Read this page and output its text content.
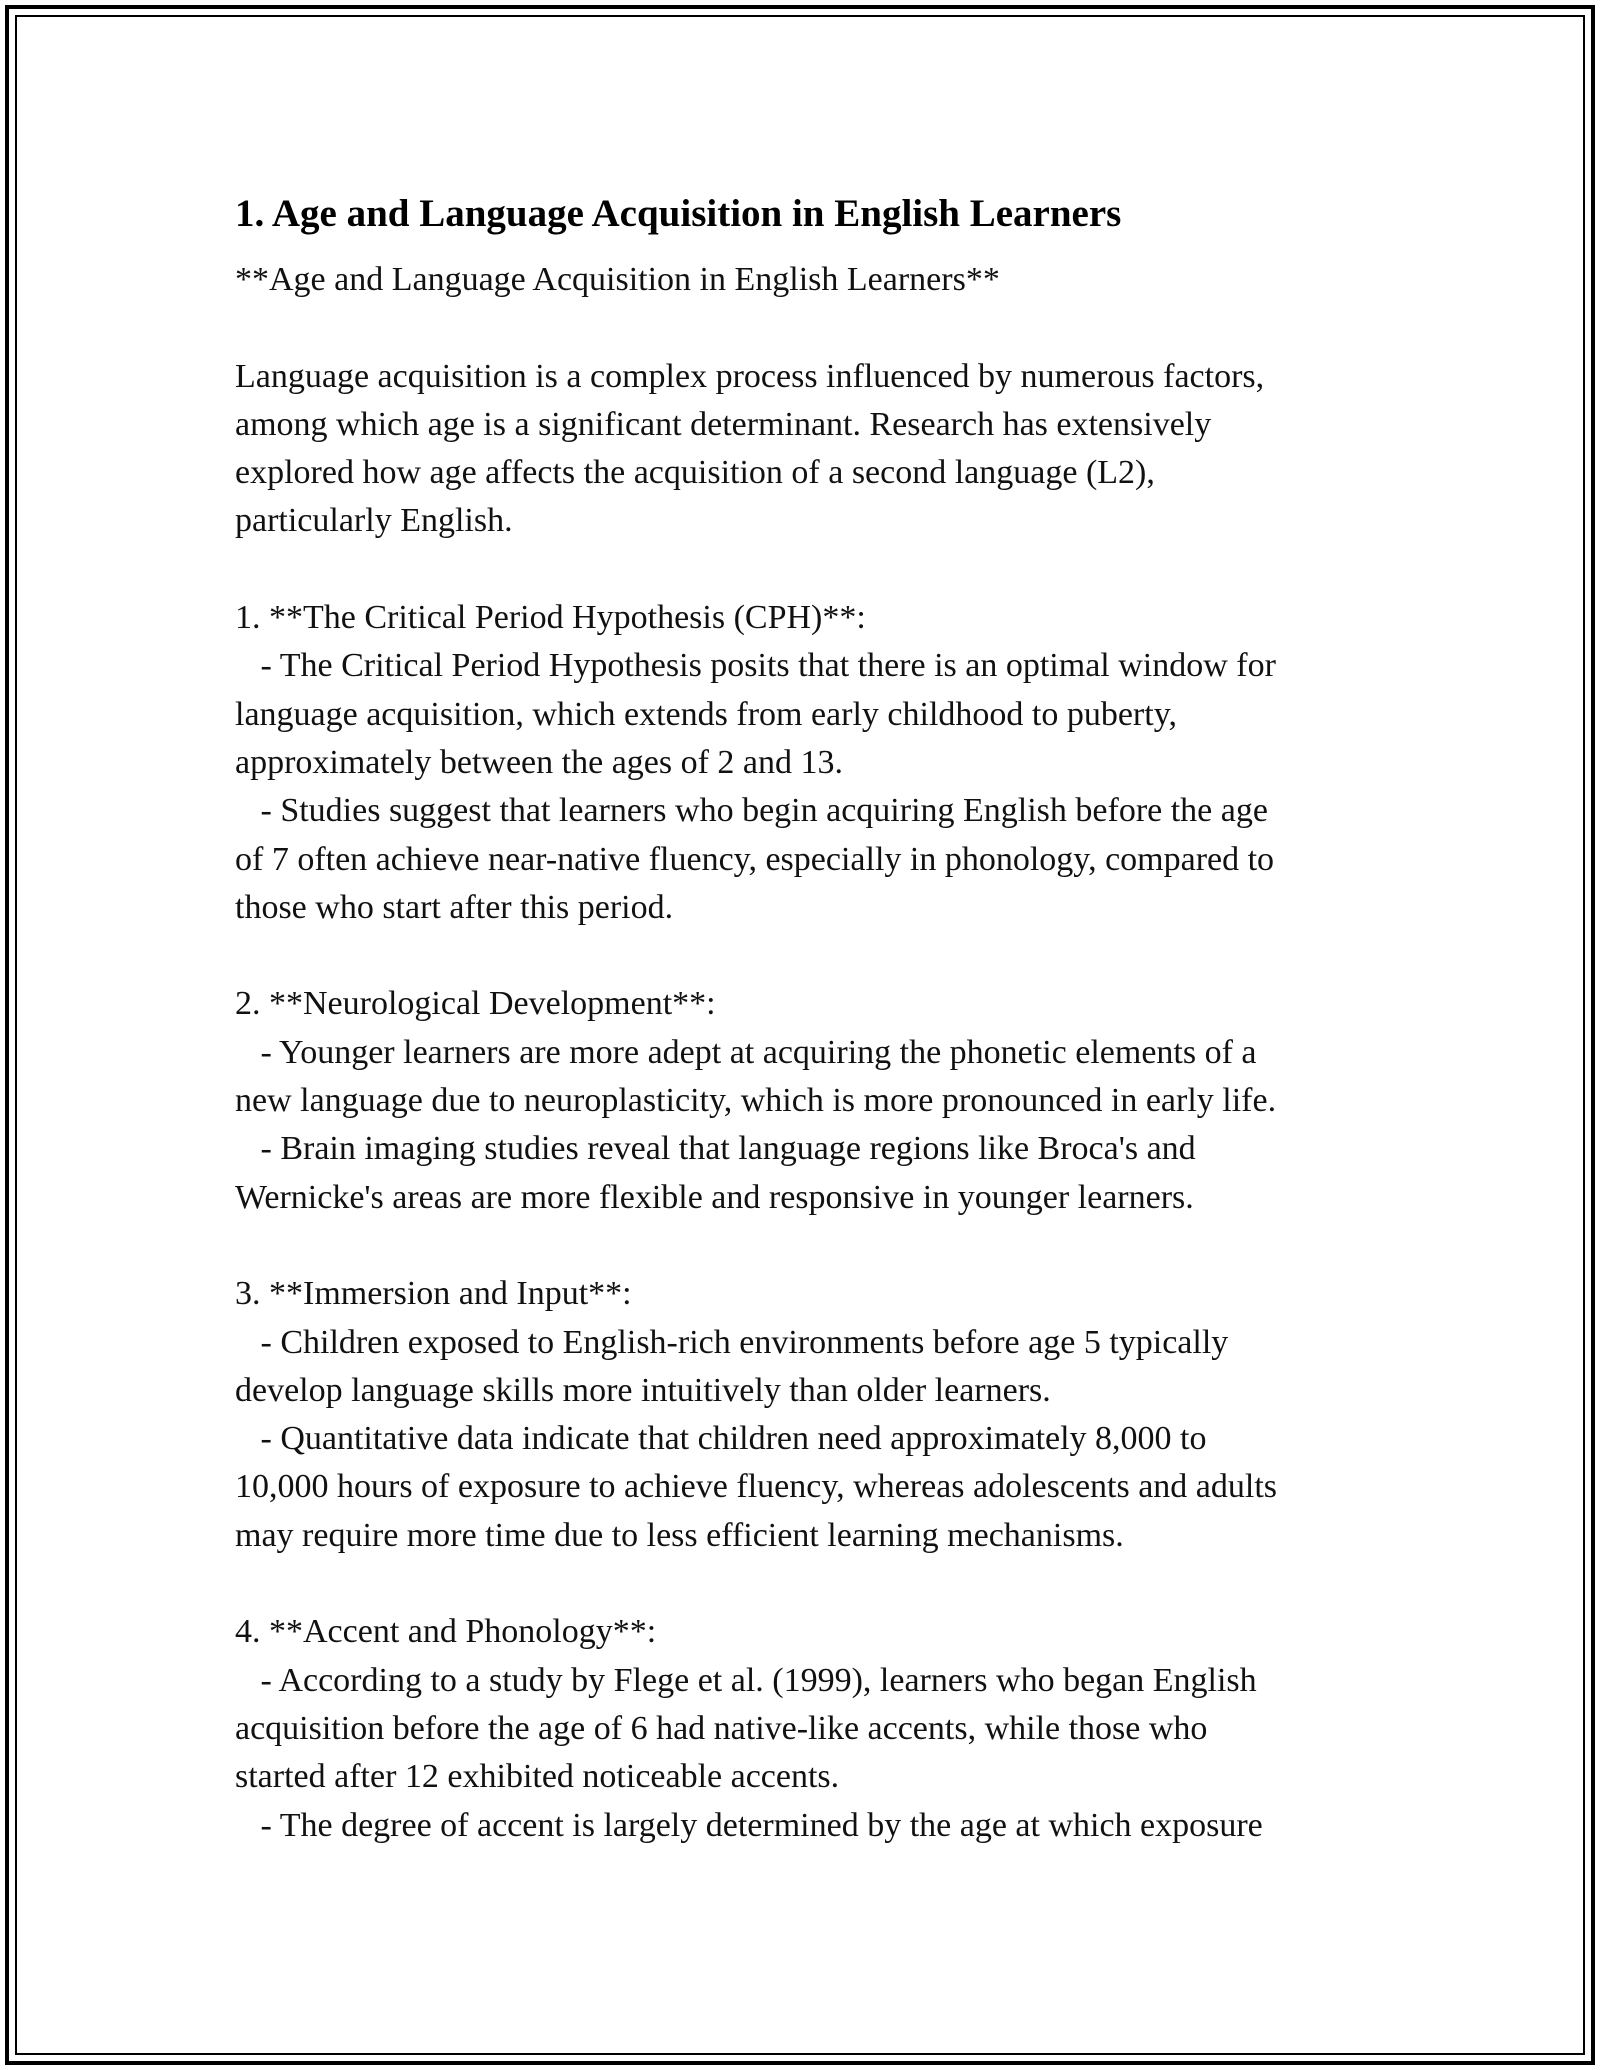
1. Age and Language Acquisition in English Learners
**Age and Language Acquisition in English Learners**
Language acquisition is a complex process influenced by numerous factors,
among which age is a significant determinant. Research has extensively
explored how age affects the acquisition of a second language (L2),
particularly English.
1. **The Critical Period Hypothesis (CPH)**:
- The Critical Period Hypothesis posits that there is an optimal window for
language acquisition, which extends from early childhood to puberty,
approximately between the ages of 2 and 13.
- Studies suggest that learners who begin acquiring English before the age
of 7 often achieve near-native fluency, especially in phonology, compared to
those who start after this period.
2. **Neurological Development**:
- Younger learners are more adept at acquiring the phonetic elements of a
new language due to neuroplasticity, which is more pronounced in early life.
- Brain imaging studies reveal that language regions like Broca's and
Wernicke's areas are more flexible and responsive in younger learners.
3. **Immersion and Input**:
- Children exposed to English-rich environments before age 5 typically
develop language skills more intuitively than older learners.
- Quantitative data indicate that children need approximately 8,000 to
10,000 hours of exposure to achieve fluency, whereas adolescents and adults
may require more time due to less efficient learning mechanisms.
4. **Accent and Phonology**:
- According to a study by Flege et al. (1999), learners who began English
acquisition before the age of 6 had native-like accents, while those who
started after 12 exhibited noticeable accents.
- The degree of accent is largely determined by the age at which exposure
